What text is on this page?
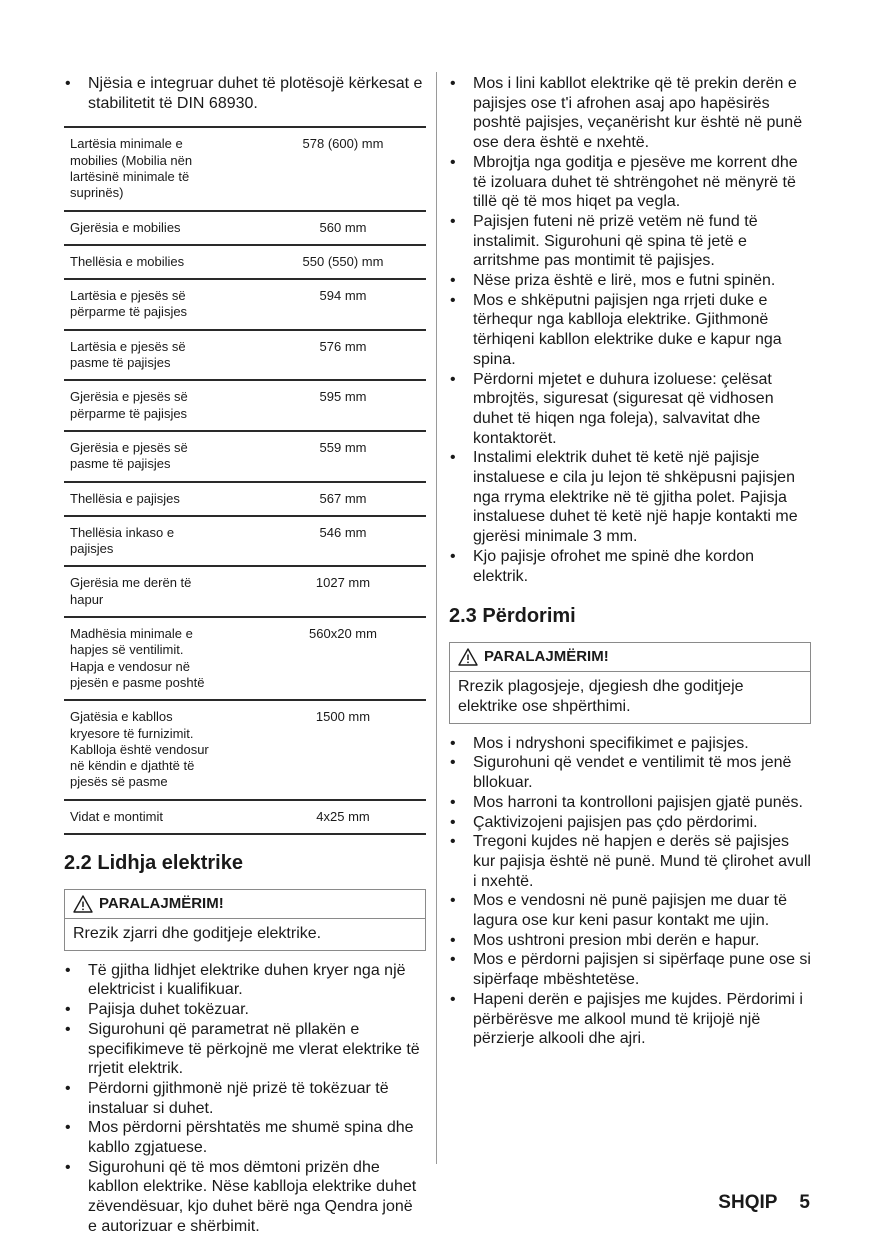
• Njësia e integruar duhet të plotësojë kërkesat e stabilitetit të DIN 68930.
Lartësia minimale e mobilies (Mobilia nën lartësinë minimale të suprinës)	578 (600) mm
Gjerësia e mobilies	560 mm
Thellësia e mobilies	550 (550) mm
Lartësia e pjesës së përparme të pajisjes	594 mm
Lartësia e pjesës së pasme të pajisjes	576 mm
Gjerësia e pjesës së përparme të pajisjes	595 mm
Gjerësia e pjesës së pasme të pajisjes	559 mm
Thellësia e pajisjes	567 mm
Thellësia inkaso e pajisjes	546 mm
Gjerësia me derën të hapur	1027 mm
Madhësia minimale e hapjes së ventilimit. Hapja e vendosur në pjesën e pasme poshtë	560x20 mm
Gjatësia e kabllos kryesore të furnizimit. Kablloja është vendosur në këndin e djathtë të pjesës së pasme	1500 mm
Vidat e montimit	4x25 mm
2.2 Lidhja elektrike
PARALAJMËRIM!
Rrezik zjarri dhe goditjeje elektrike.
• Të gjitha lidhjet elektrike duhen kryer nga një elektricist i kualifikuar.
• Pajisja duhet tokëzuar.
• Sigurohuni që parametrat në pllakën e specifikimeve të përkojnë me vlerat elektrike të rrjetit elektrik.
• Përdorni gjithmonë një prizë të tokëzuar të instaluar si duhet.
• Mos përdorni përshtatës me shumë spina dhe kabllo zgjatuese.
• Sigurohuni që të mos dëmtoni prizën dhe kabllon elektrike. Nëse kablloja elektrike duhet zëvendësuar, kjo duhet bërë nga Qendra jonë e autorizuar e shërbimit.
• Mos i lini kabllot elektrike që të prekin derën e pajisjes ose t'i afrohen asaj apo hapësirës poshtë pajisjes, veçanërisht kur është në punë ose dera është e nxehtë.
• Mbrojtja nga goditja e pjesëve me korrent dhe të izoluara duhet të shtrëngohet në mënyrë të tillë që të mos hiqet pa vegla.
• Pajisjen futeni në prizë vetëm në fund të instalimit. Sigurohuni që spina të jetë e arritshme pas montimit të pajisjes.
• Nëse priza është e lirë, mos e futni spinën.
• Mos e shkëputni pajisjen nga rrjeti duke e tërhequr nga kablloja elektrike. Gjithmonë tërhiqeni kabllon elektrike duke e kapur nga spina.
• Përdorni mjetet e duhura izoluese: çelësat mbrojtës, siguresat (siguresat që vidhosen duhet të hiqen nga foleja), salvavitat dhe kontaktorët.
• Instalimi elektrik duhet të ketë një pajisje instaluese e cila ju lejon të shkëpusni pajisjen nga rryma elektrike në të gjitha polet. Pajisja instaluese duhet të ketë një hapje kontakti me gjerësi minimale 3 mm.
• Kjo pajisje ofrohet me spinë dhe kordon elektrik.
2.3 Përdorimi
PARALAJMËRIM!
Rrezik plagosjeje, djegiesh dhe goditjeje elektrike ose shpërthimi.
• Mos i ndryshoni specifikimet e pajisjes.
• Sigurohuni që vendet e ventilimit të mos jenë bllokuar.
• Mos harroni ta kontrolloni pajisjen gjatë punës.
• Çaktivizojeni pajisjen pas çdo përdorimi.
• Tregoni kujdes në hapjen e derës së pajisjes kur pajisja është në punë. Mund të çlirohet avull i nxehtë.
• Mos e vendosni në punë pajisjen me duar të lagura ose kur keni pasur kontakt me ujin.
• Mos ushtroni presion mbi derën e hapur.
• Mos e përdorni pajisjen si sipërfaqe pune ose si sipërfaqe mbështetëse.
• Hapeni derën e pajisjes me kujdes. Përdorimi i përbërësve me alkool mund të krijojë një përzierje alkooli dhe ajri.
SHQIP 5
